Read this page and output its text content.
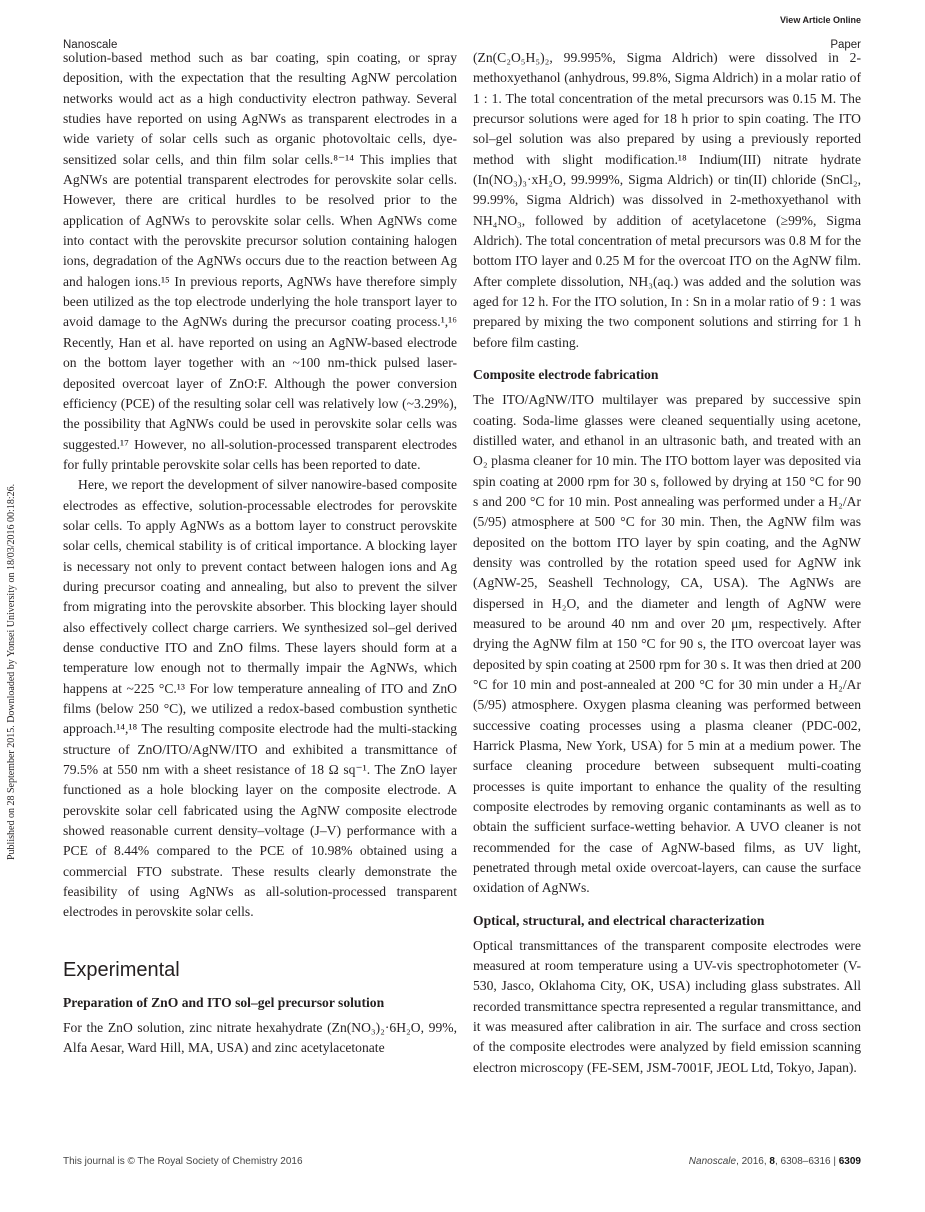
View Article Online
Nanoscale	Paper
Published on 28 September 2015. Downloaded by Yonsei University on 18/03/2016 00:18:26.

solution-based method such as bar coating, spin coating, or spray deposition, with the expectation that the resulting AgNW percolation networks would act as a high conductivity electron pathway. Several studies have reported on using AgNWs as transparent electrodes in a wide variety of solar cells such as organic photovoltaic cells, dye-sensitized solar cells, and thin film solar cells.⁸⁻¹⁴ This implies that AgNWs are potential transparent electrodes for perovskite solar cells. However, there are critical hurdles to be resolved prior to the application of AgNWs to perovskite solar cells. When AgNWs come into contact with the perovskite precursor solution containing halogen ions, degradation of the AgNWs occurs due to the reaction between Ag and halogen ions.¹⁵ In previous reports, AgNWs have therefore simply been utilized as the top electrode underlying the hole transport layer to avoid damage to the AgNWs during the precursor coating process.¹,¹⁶ Recently, Han et al. have reported on using an AgNW-based electrode on the bottom layer together with an ~100 nm-thick pulsed laser-deposited overcoat layer of ZnO:F. Although the power conversion efficiency (PCE) of the resulting solar cell was relatively low (~3.29%), the possibility that AgNWs could be used in perovskite solar cells was suggested.¹⁷ However, no all-solution-processed transparent electrodes for fully printable perovskite solar cells has been reported to date.

Here, we report the development of silver nanowire-based composite electrodes as effective, solution-processable electrodes for perovskite solar cells. To apply AgNWs as a bottom layer to construct perovskite solar cells, chemical stability is of critical importance. A blocking layer is necessary not only to prevent contact between halogen ions and Ag during precursor coating and annealing, but also to prevent the silver from migrating into the perovskite absorber. This blocking layer should also effectively collect charge carriers. We synthesized sol–gel derived dense conductive ITO and ZnO films. These layers should form at a temperature low enough not to thermally impair the AgNWs, which happens at ~225 °C.¹³ For low temperature annealing of ITO and ZnO films (below 250 °C), we utilized a redox-based combustion synthetic approach.¹⁴,¹⁸ The resulting composite electrode had the multi-stacking structure of ZnO/ITO/AgNW/ITO and exhibited a transmittance of 79.5% at 550 nm with a sheet resistance of 18 Ω sq⁻¹. The ZnO layer functioned as a hole blocking layer on the composite electrode. A perovskite solar cell fabricated using the AgNW composite electrode showed reasonable current density–voltage (J–V) performance with a PCE of 8.44% compared to the PCE of 10.98% obtained using a commercial FTO substrate. These results clearly demonstrate the feasibility of using AgNWs as all-solution-processed transparent electrodes in perovskite solar cells.

Experimental
Preparation of ZnO and ITO sol–gel precursor solution

For the ZnO solution, zinc nitrate hexahydrate (Zn(NO₃)₂·6H₂O, 99%, Alfa Aesar, Ward Hill, MA, USA) and zinc acetylacetonate

(Zn(C₂O₅H₅)₂, 99.995%, Sigma Aldrich) were dissolved in 2-methoxyethanol (anhydrous, 99.8%, Sigma Aldrich) in a molar ratio of 1 : 1. The total concentration of the metal precursors was 0.15 M. The precursor solutions were aged for 18 h prior to spin coating. The ITO sol–gel solution was also prepared by using a previously reported method with slight modification.¹⁸ Indium(III) nitrate hydrate (In(NO₃)₃·xH₂O, 99.999%, Sigma Aldrich) or tin(II) chloride (SnCl₂, 99.99%, Sigma Aldrich) was dissolved in 2-methoxyethanol with NH₄NO₃, followed by addition of acetylacetone (≥99%, Sigma Aldrich). The total concentration of metal precursors was 0.8 M for the bottom ITO layer and 0.25 M for the overcoat ITO on the AgNW film. After complete dissolution, NH₃(aq.) was added and the solution was aged for 12 h. For the ITO solution, In : Sn in a molar ratio of 9 : 1 was prepared by mixing the two component solutions and stirring for 1 h before film casting.

Composite electrode fabrication

The ITO/AgNW/ITO multilayer was prepared by successive spin coating. Soda-lime glasses were cleaned sequentially using acetone, distilled water, and ethanol in an ultrasonic bath, and treated with an O₂ plasma cleaner for 10 min. The ITO bottom layer was deposited via spin coating at 2000 rpm for 30 s, followed by drying at 150 °C for 90 s and 200 °C for 10 min. Post annealing was performed under a H₂/Ar (5/95) atmosphere at 500 °C for 30 min. Then, the AgNW film was deposited on the bottom ITO layer by spin coating, and the AgNW density was controlled by the rotation speed used for AgNW ink (AgNW-25, Seashell Technology, CA, USA). The AgNWs are dispersed in H₂O, and the diameter and length of AgNW were measured to be around 40 nm and over 20 μm, respectively. After drying the AgNW film at 150 °C for 90 s, the ITO overcoat layer was deposited by spin coating at 2500 rpm for 30 s. It was then dried at 200 °C for 10 min and post-annealed at 200 °C for 30 min under a H₂/Ar (5/95) atmosphere. Oxygen plasma cleaning was performed between successive coating processes using a plasma cleaner (PDC-002, Harrick Plasma, New York, USA) for 5 min at a medium power. The surface cleaning procedure between subsequent multi-coating processes is quite important to enhance the quality of the resulting composite electrodes by removing organic contaminants as well as to obtain the sufficient surface-wetting behavior. A UVO cleaner is not recommended for the case of AgNW-based films, as UV light, penetrated through metal oxide overcoat-layers, can cause the surface oxidation of AgNWs.

Optical, structural, and electrical characterization

Optical transmittances of the transparent composite electrodes were measured at room temperature using a UV-vis spectrophotometer (V-530, Jasco, Oklahoma City, OK, USA) including glass substrates. All recorded transmittance spectra represented a regular transmittance, and it was measured after calibration in air. The surface and cross section of the composite electrodes were analyzed by field emission scanning electron microscopy (FE-SEM, JSM-7001F, JEOL Ltd, Tokyo, Japan).

This journal is © The Royal Society of Chemistry 2016	Nanoscale, 2016, 8, 6308–6316 | 6309
